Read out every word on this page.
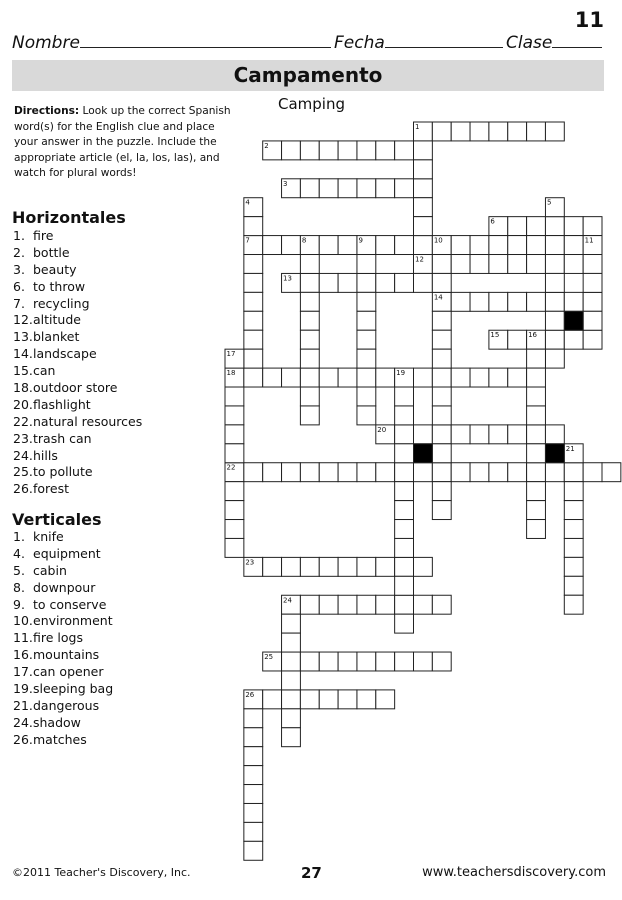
11
Nombre	Fecha	Clase
Campamento
Camping
Directions: Look up the correct Spanish word(s) for the English clue and place your answer in the puzzle. Include the appropriate article (el, la, los, las), and watch for plural words!
Horizontales
1. fire
2. bottle
3. beauty
6. to throw
7. recycling
12.altitude
13.blanket
14.landscape
15.can
18.outdoor store
20.flashlight
22.natural resources
23.trash can
24.hills
25.to pollute
26.forest
Verticales
1. knife
4. equipment
5. cabin
8. downpour
9. to conserve
10.environment
11.fire logs
16.mountains
17.can opener
19.sleeping bag
21.dangerous
24.shadow
26.matches
1
2
3
4	5
6
7	8	9	10	11
12
13
14
15	16
17
18	19
20
21
22
23
24
25
26
©2011 Teacher's Discovery, Inc.	27	www.teachersdiscovery.com
